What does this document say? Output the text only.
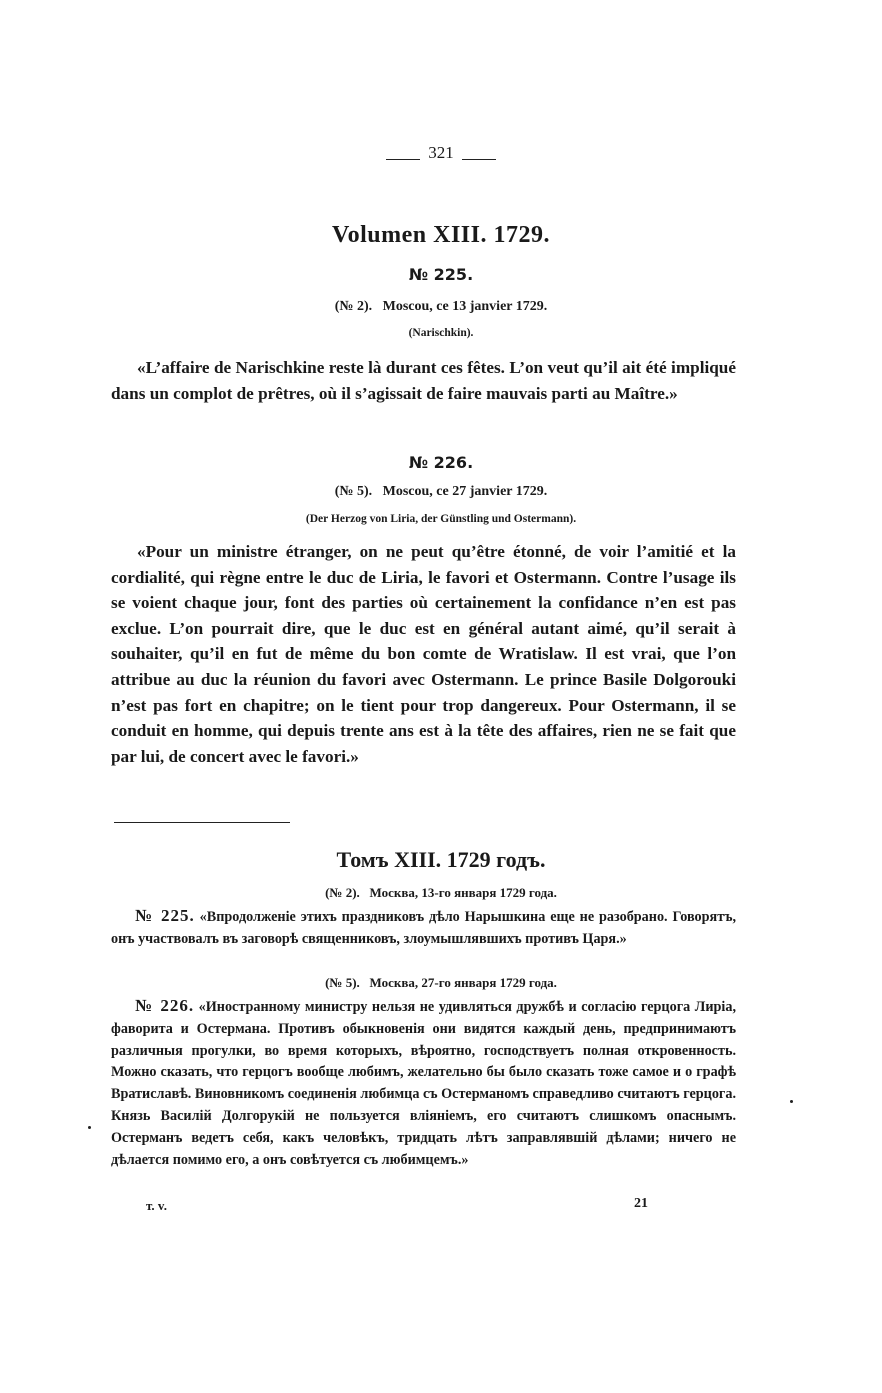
321
Volumen XIII. 1729.
№ 225.
(№ 2).   Moscou, ce 13 janvier 1729.
(Narischkin).

«L’affaire de Narischkine reste là durant ces fêtes. L’on veut qu’il ait été impliqué dans un complot de prêtres, où il s’agissait de faire mauvais parti au Maître.»

№ 226.
(№ 5).   Moscou, ce 27 janvier 1729.
(Der Herzog von Liria, der Günstling und Ostermann).

«Pour un ministre étranger, on ne peut qu’être étonné, de voir l’amitié et la cordialité, qui règne entre le duc de Liria, le favori et Ostermann. Contre l’usage ils se voient chaque jour, font des parties où certainement la confidance n’en est pas exclue. L’on pourrait dire, que le duc est en général autant aimé, qu’il serait à souhaiter, qu’il en fut de même du bon comte de Wratislaw. Il est vrai, que l’on attribue au duc la réunion du favori avec Ostermann. Le prince Basile Dolgorouki n’est pas fort en chapitre; on le tient pour trop dangereux. Pour Ostermann, il se conduit en homme, qui depuis trente ans est à la tête des affaires, rien ne se fait que par lui, de concert avec le favori.»

Томъ XIII. 1729 годъ.
(№ 2).   Москва, 13-го января 1729 года.

№ 225. «Впродолженіе этихъ праздниковъ дѣло Нарышкина еще не разобрано. Говорятъ, онъ участвовалъ въ заговорѣ священниковъ, злоумышлявшихъ противъ Царя.»

(№ 5).   Москва, 27-го января 1729 года.

№ 226. «Иностранному министру нельзя не удивляться дружбѣ и согласію герцога Лиріа, фаворита и Остермана. Противъ обыкновенія они видятся каждый день, предпринимаютъ различныя прогулки, во время которыхъ, вѣроятно, господствуетъ полная откровенность. Можно сказать, что герцогъ вообще любимъ, желательно бы было сказать тоже самое и о графѣ Вратиславѣ. Виновникомъ соединенія любимца съ Остерманомъ справедливо считаютъ герцога. Князь Василій Долгорукій не пользуется вліяніемъ, его считаютъ слишкомъ опаснымъ. Остерманъ ведетъ себя, какъ человѣкъ, тридцать лѣтъ заправлявшій дѣлами; ничего не дѣлается помимо его, а онъ совѣтуется съ любимцемъ.»

т. v.	21
